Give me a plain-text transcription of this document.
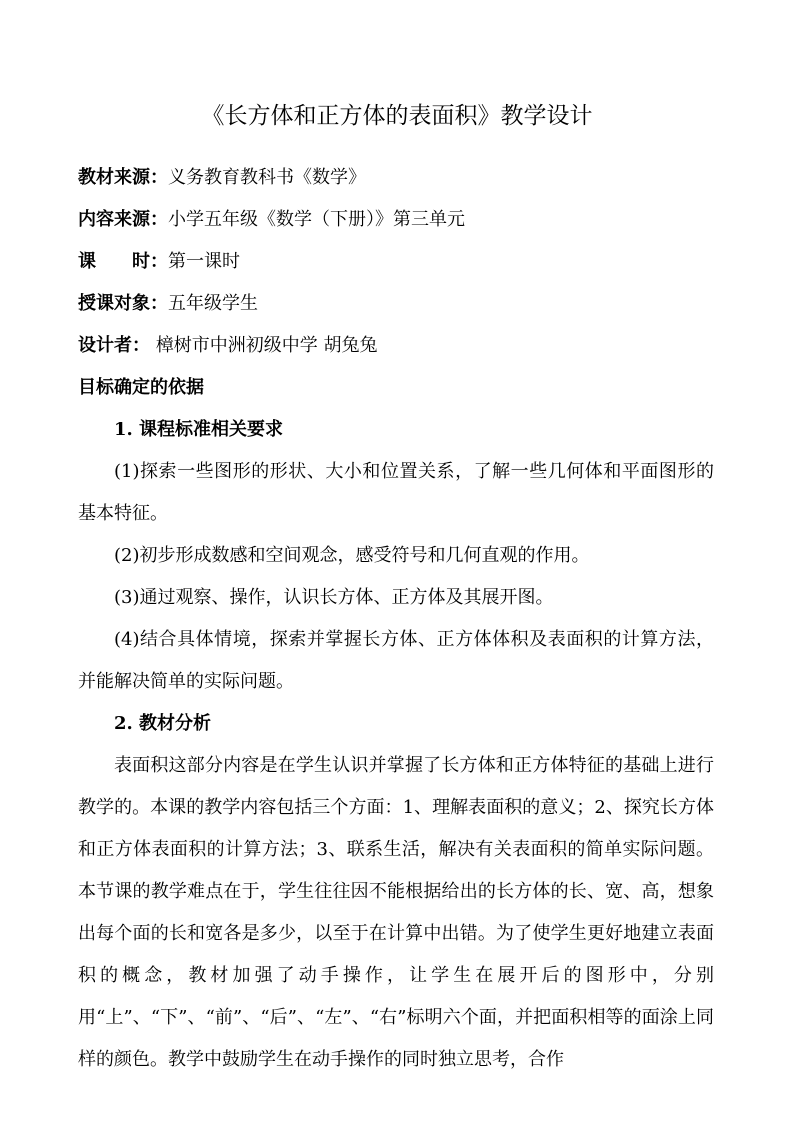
《长方体和正方体的表面积》教学设计
教材来源：义务教育教科书《数学》
内容来源：小学五年级《数学（下册）》第三单元
课 时：第一课时
授课对象：五年级学生
设计者： 樟树市中洲初级中学 胡兔兔
目标确定的依据
1. 课程标准相关要求
(1)探索一些图形的形状、大小和位置关系，了解一些几何体和平面图形的基本特征。
(2)初步形成数感和空间观念，感受符号和几何直观的作用。
(3)通过观察、操作，认识长方体、正方体及其展开图。
(4)结合具体情境，探索并掌握长方体、正方体体积及表面积的计算方法，并能解决简单的实际问题。
2. 教材分析
表面积这部分内容是在学生认识并掌握了长方体和正方体特征的基础上进行教学的。本课的教学内容包括三个方面：1、理解表面积的意义；2、探究长方体和正方体表面积的计算方法；3、联系生活，解决有关表面积的简单实际问题。本节课的教学难点在于，学生往往因不能根据给出的长方体的长、宽、高，想象出每个面的长和宽各是多少，以至于在计算中出错。为了使学生更好地建立表面积的概念，教材加强了动手操作，让学生在展开后的图形中，分别用“上”、“下”、“前”、“后”、“左”、“右”标明六个面，并把面积相等的面涂上同样的颜色。教学中鼓励学生在动手操作的同时独立思考，合作
